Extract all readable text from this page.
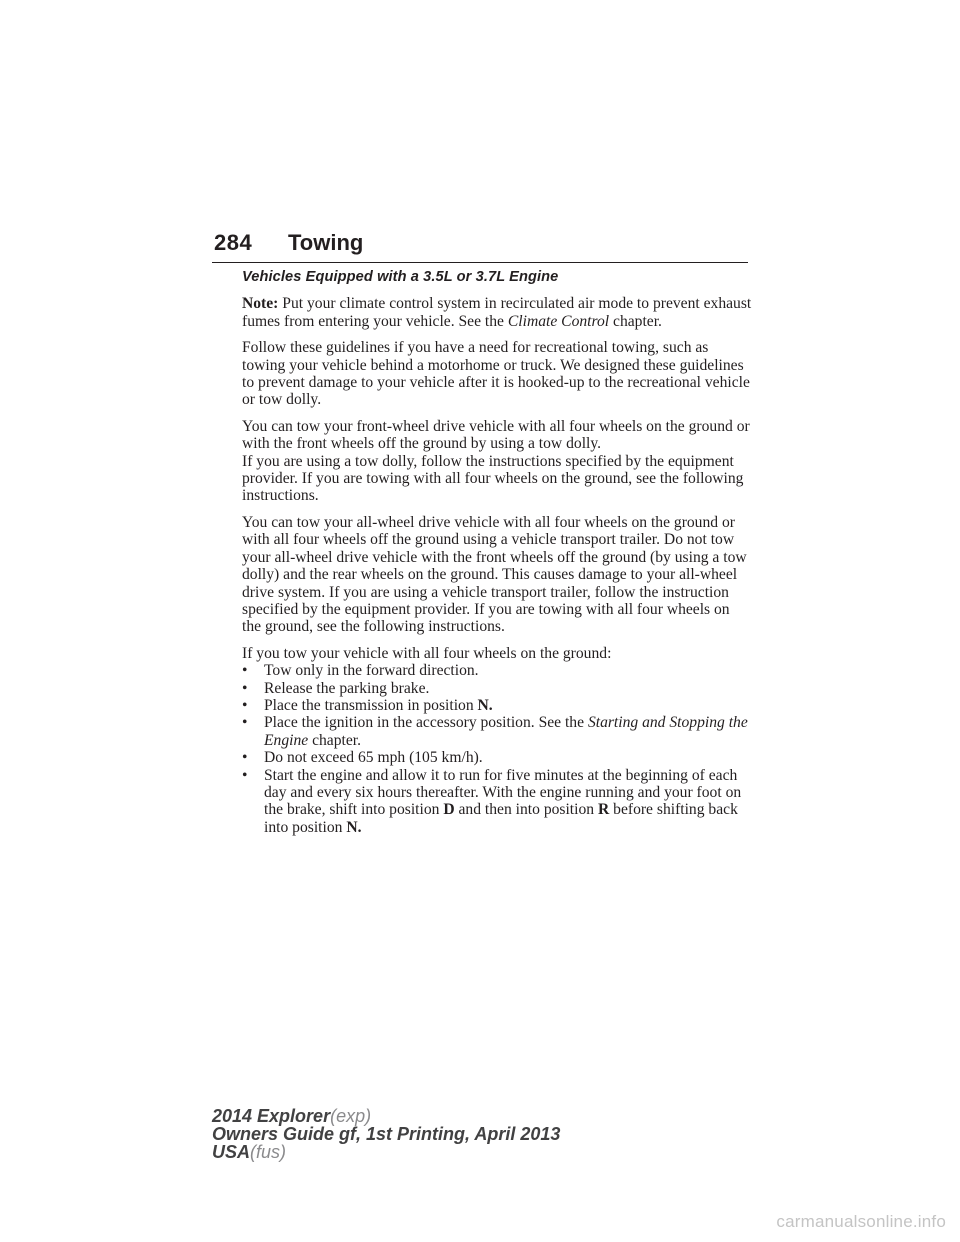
284 Towing
Vehicles Equipped with a 3.5L or 3.7L Engine

Note: Put your climate control system in recirculated air mode to prevent exhaust fumes from entering your vehicle. See the Climate Control chapter.

Follow these guidelines if you have a need for recreational towing, such as towing your vehicle behind a motorhome or truck. We designed these guidelines to prevent damage to your vehicle after it is hooked-up to the recreational vehicle or tow dolly.

You can tow your front-wheel drive vehicle with all four wheels on the ground or with the front wheels off the ground by using a tow dolly.
If you are using a tow dolly, follow the instructions specified by the equipment provider. If you are towing with all four wheels on the ground, see the following instructions.

You can tow your all-wheel drive vehicle with all four wheels on the ground or with all four wheels off the ground using a vehicle transport trailer. Do not tow your all-wheel drive vehicle with the front wheels off the ground (by using a tow dolly) and the rear wheels on the ground. This causes damage to your all-wheel drive system. If you are using a vehicle transport trailer, follow the instruction specified by the equipment provider. If you are towing with all four wheels on the ground, see the following instructions.

If you tow your vehicle with all four wheels on the ground:
• Tow only in the forward direction.
• Release the parking brake.
• Place the transmission in position N.
• Place the ignition in the accessory position. See the Starting and Stopping the Engine chapter.
• Do not exceed 65 mph (105 km/h).
• Start the engine and allow it to run for five minutes at the beginning of each day and every six hours thereafter. With the engine running and your foot on the brake, shift into position D and then into position R before shifting back into position N.
2014 Explorer(exp)
Owners Guide gf, 1st Printing, April 2013
USA(fus)
carmanualsonline.info
